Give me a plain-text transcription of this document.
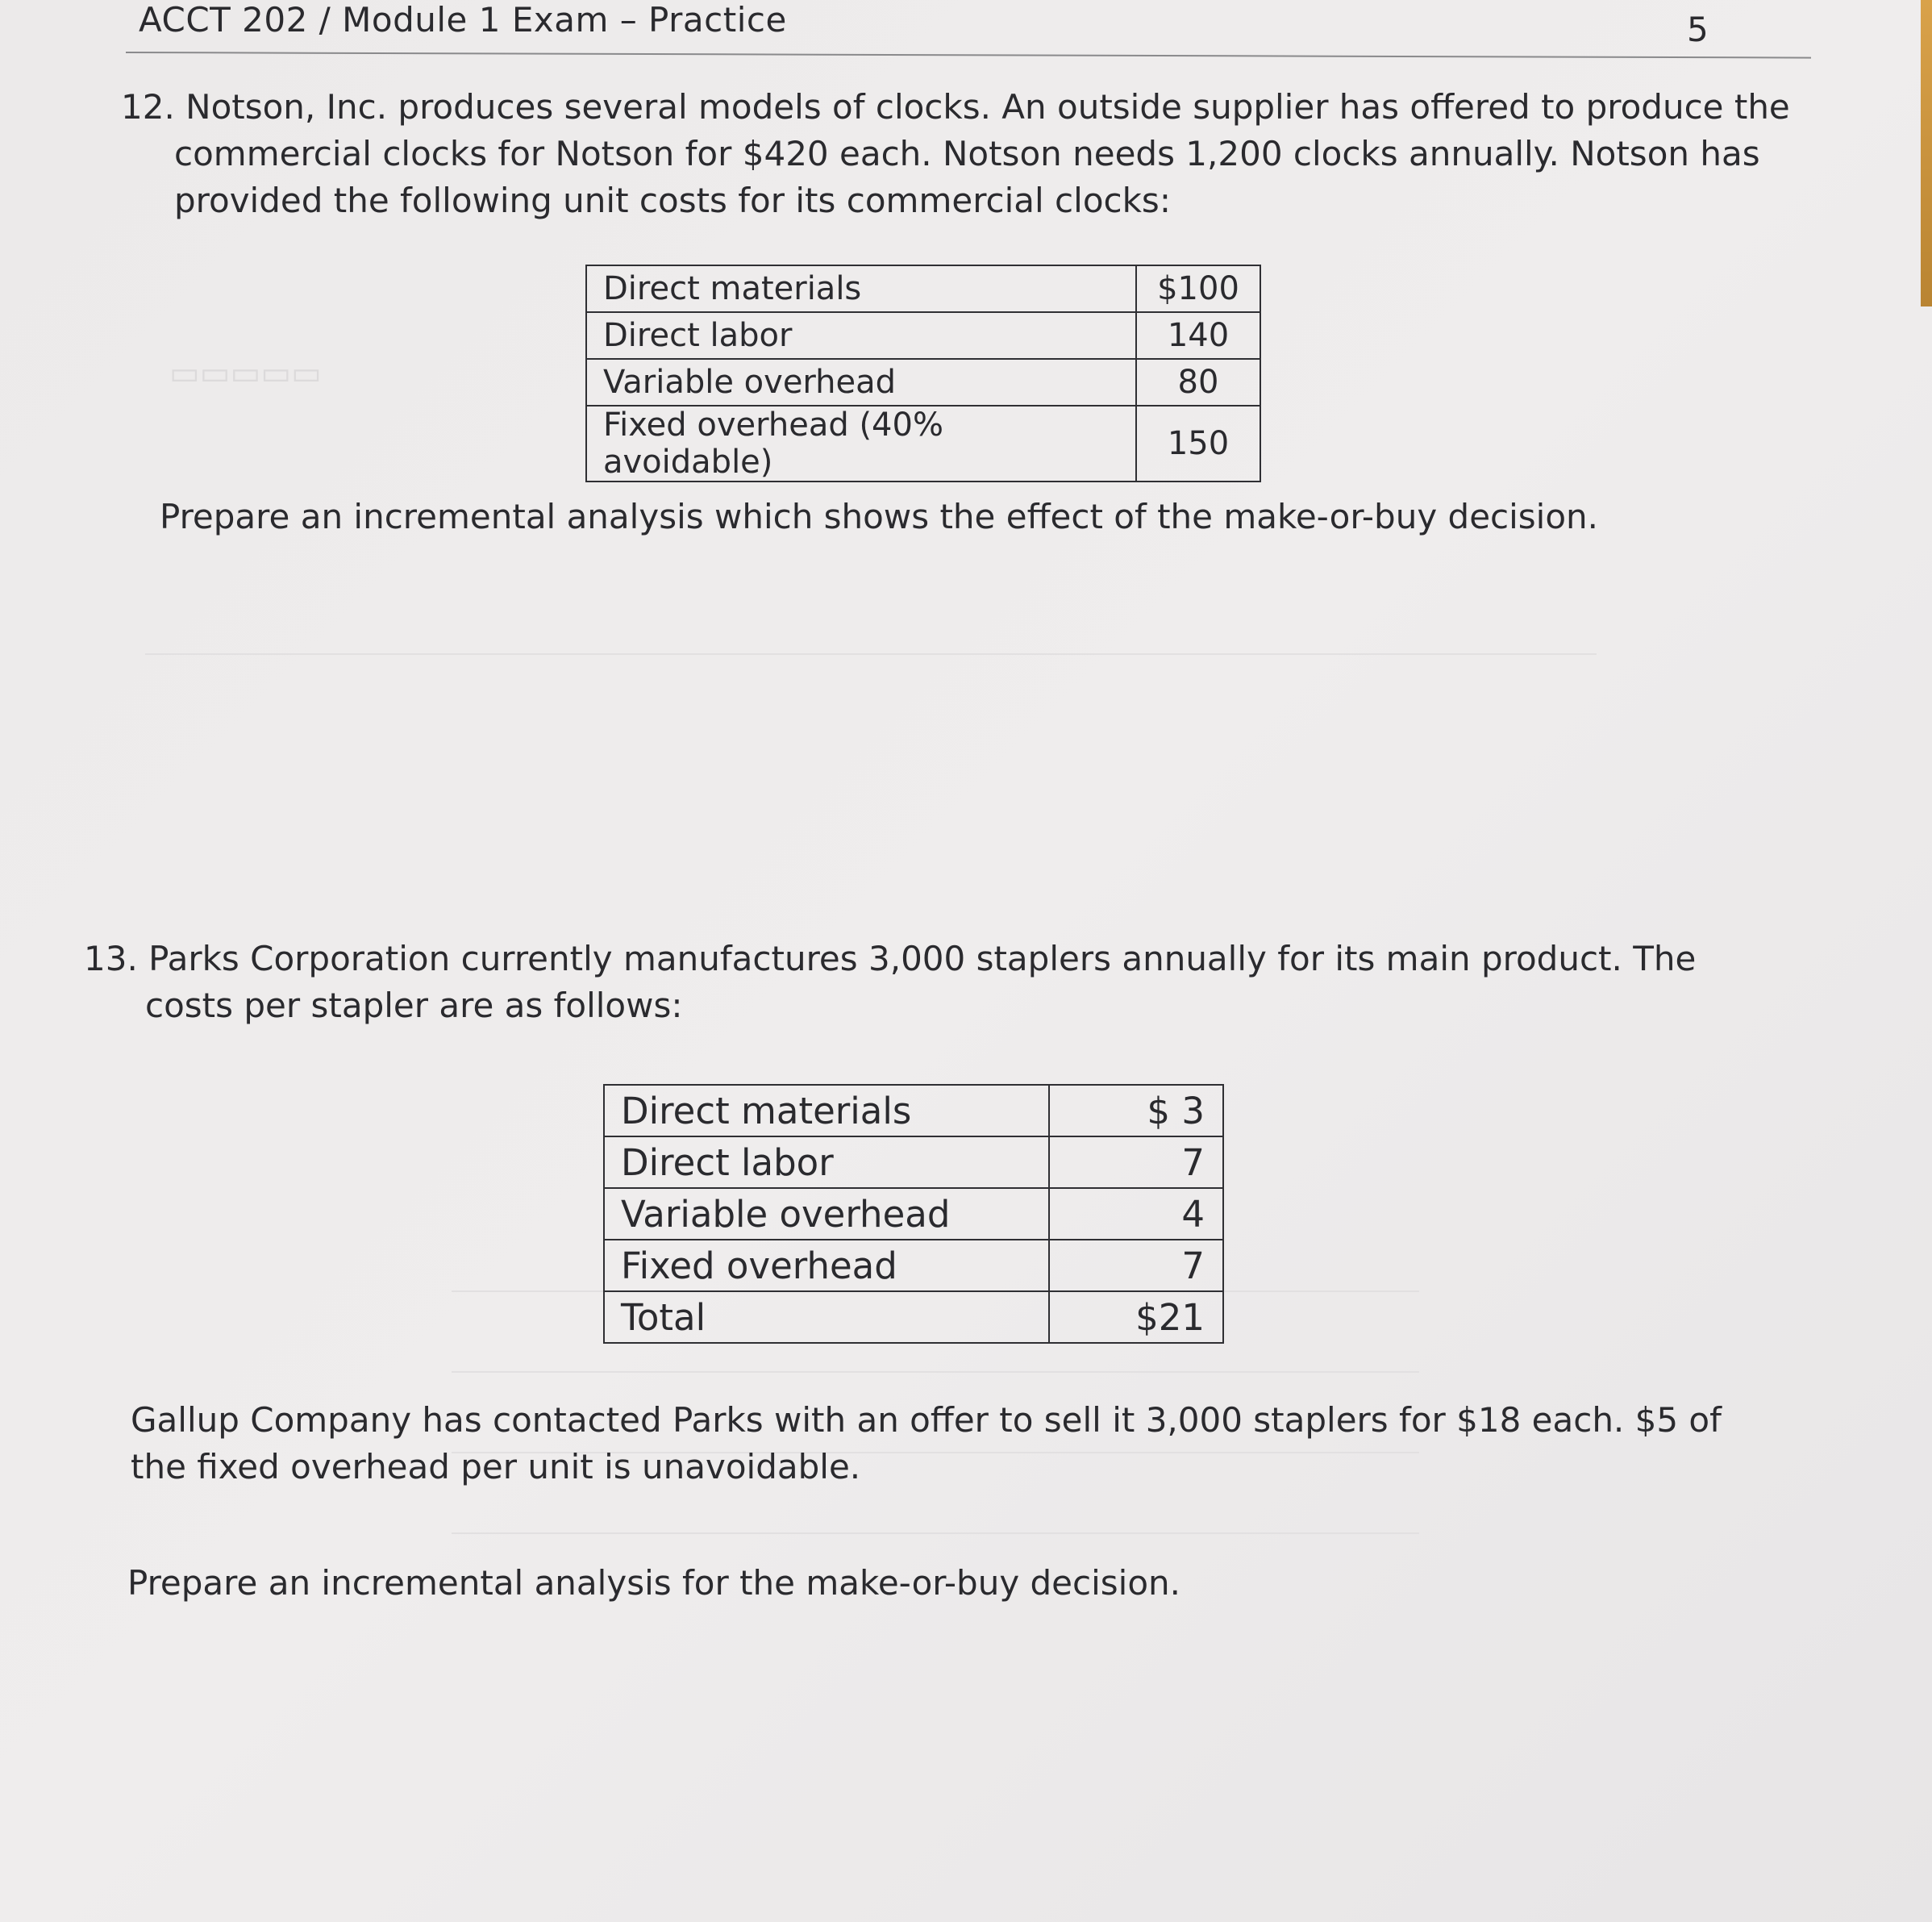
▭▭▭▭▭
ACCT 202 / Module 1 Exam – Practice	5
12. Notson, Inc. produces several models of clocks. An outside supplier has offered to produce the
commercial clocks for Notson for $420 each. Notson needs 1,200 clocks annually. Notson has
provided the following unit costs for its commercial clocks:
Direct materials	$100
Direct labor	140
Variable overhead	80
Fixed overhead (40% avoidable)	150
Prepare an incremental analysis which shows the effect of the make-or-buy decision.
13. Parks Corporation currently manufactures 3,000 staplers annually for its main product. The
costs per stapler are as follows:
Direct materials	$ 3
Direct labor	7
Variable overhead	4
Fixed overhead	7
Total	$21
Gallup Company has contacted Parks with an offer to sell it 3,000 staplers for $18 each. $5 of
the fixed overhead per unit is unavoidable.
Prepare an incremental analysis for the make-or-buy decision.
